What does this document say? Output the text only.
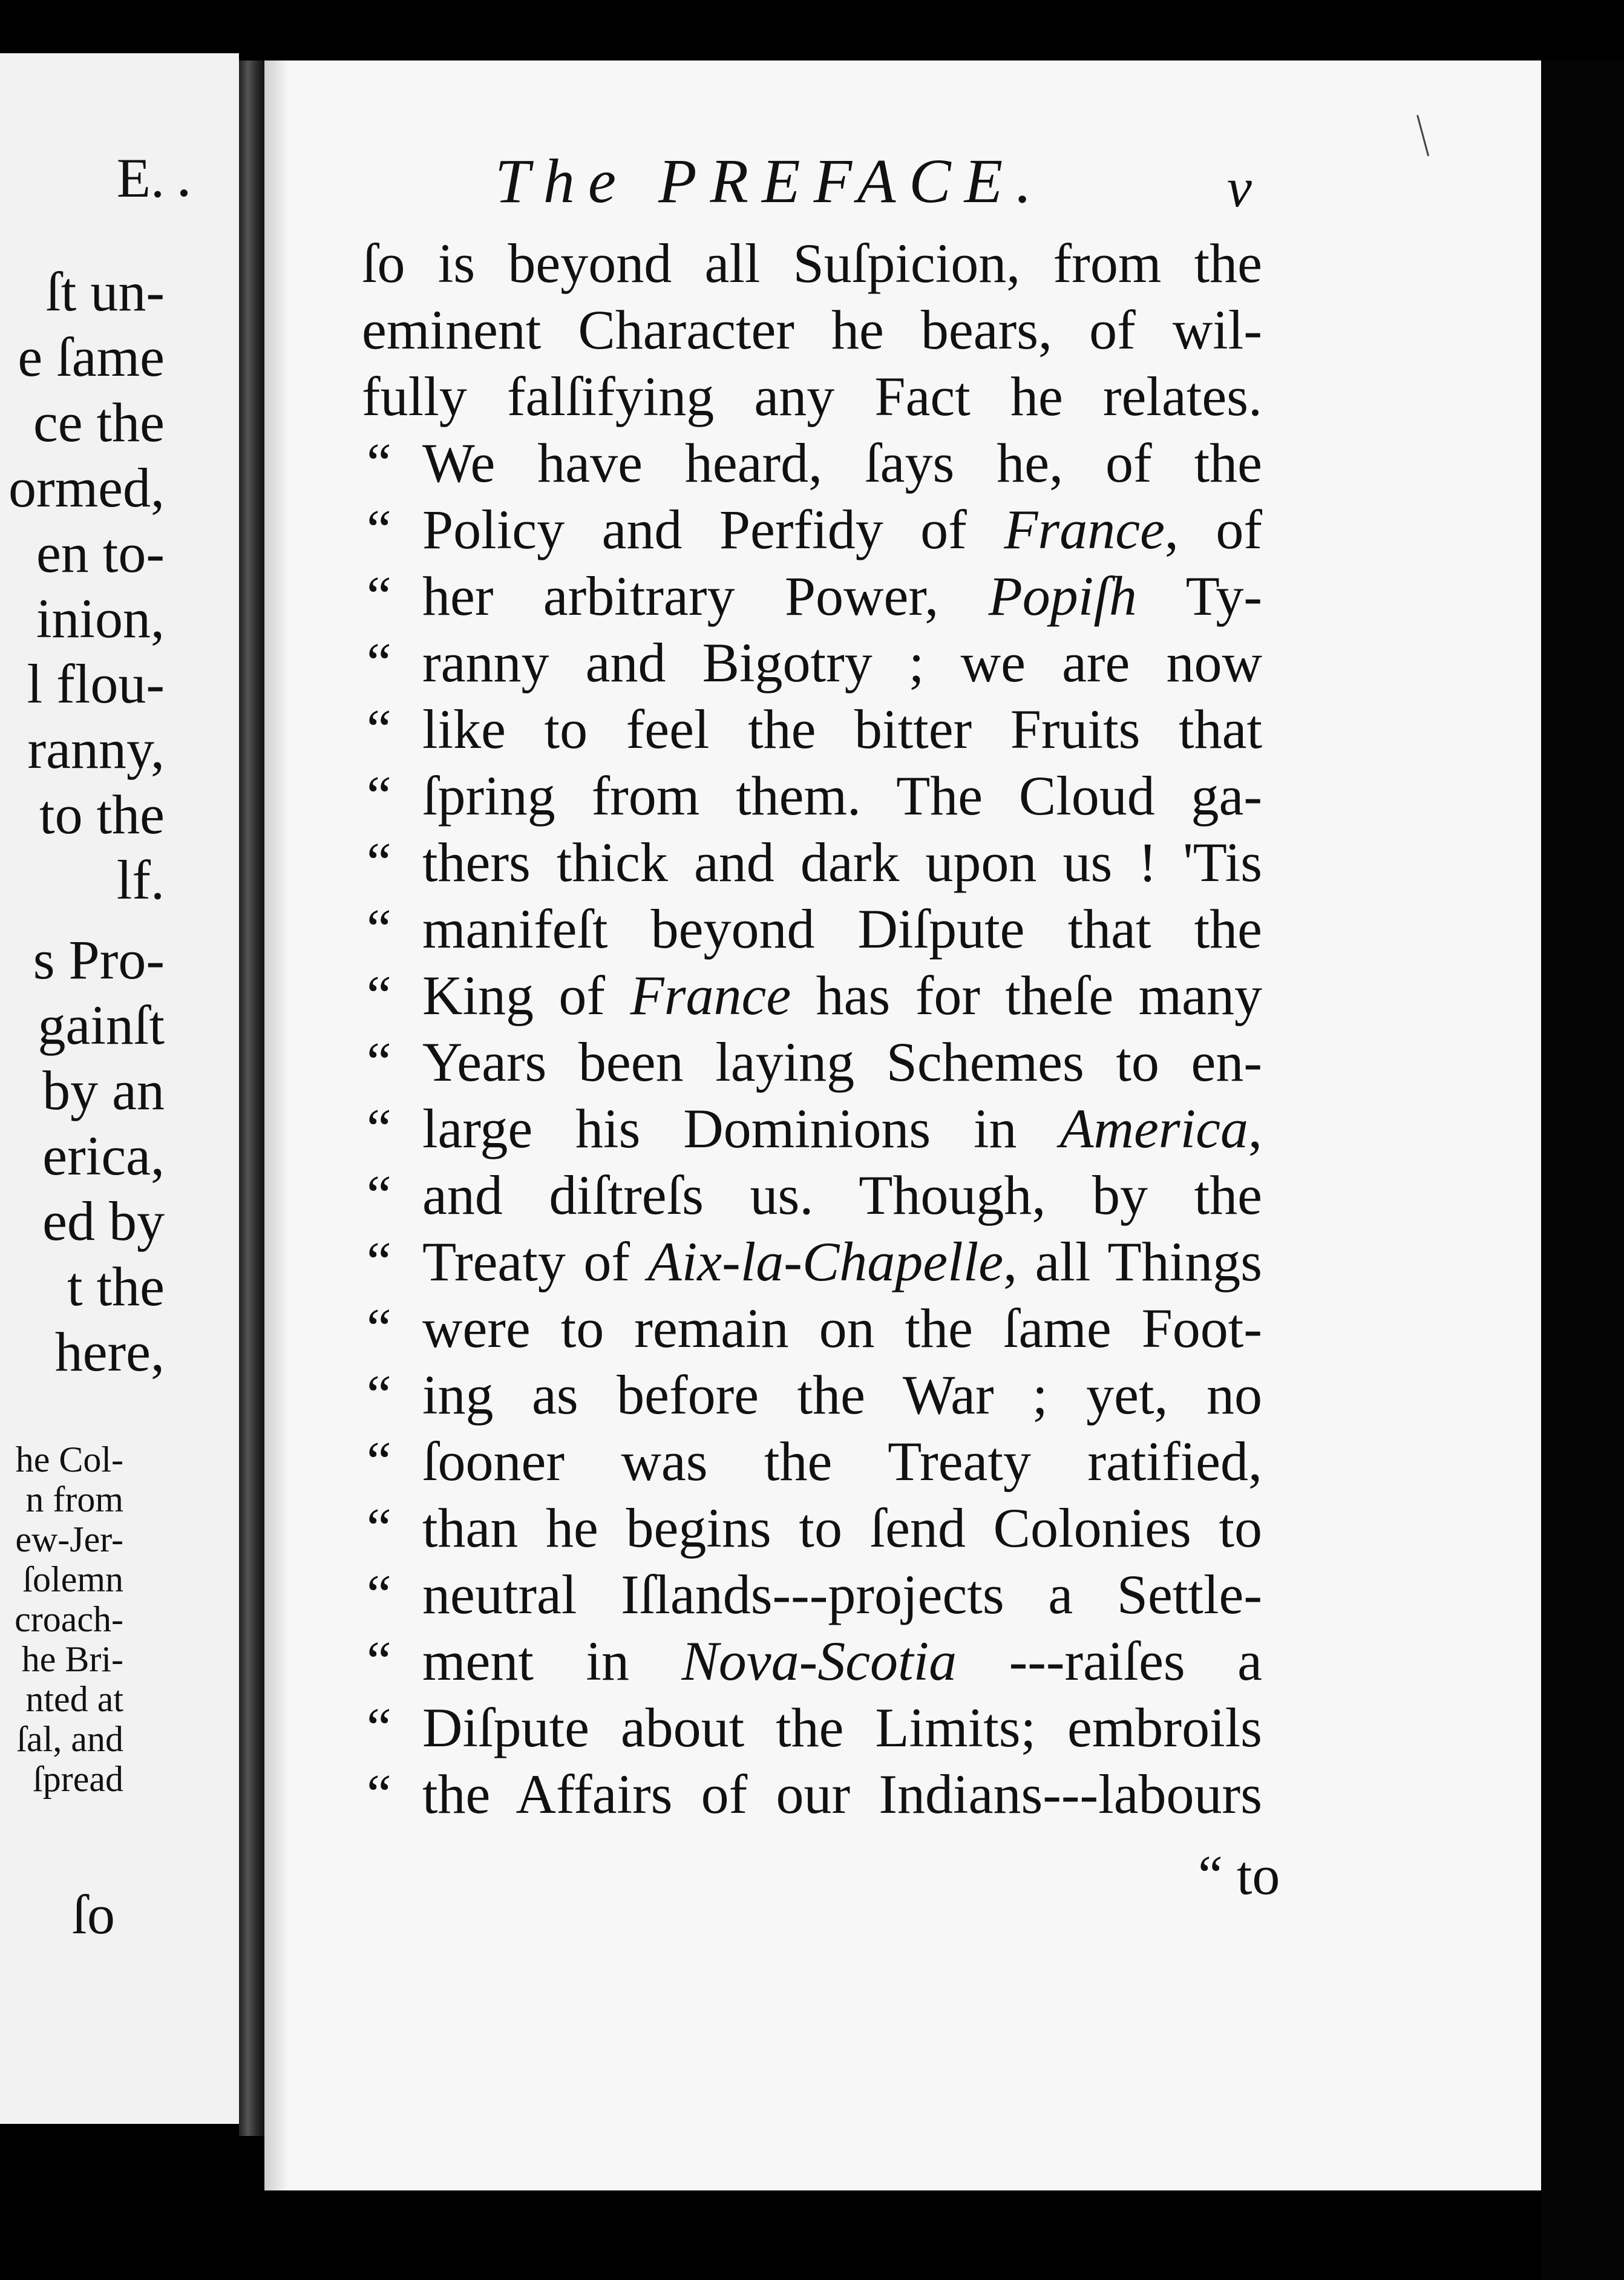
E.
ſt un-
e ſame
ce the
ormed,
en to-
inion,
l flou-
ranny,
to the
lf.
s Pro-
gainſt
by an
erica,
ed by
t the
here,
he Col-
n from
ew-Jer-
ſolemn
croach-
he Bri-
nted at
ſal, and
ſpread
ſo
The PREFACE.	v
ſo is beyond all Suſpicion, from the
eminent Character he bears, of wil-
fully falſifying any Fact he relates.
“ We have heard, ſays he, of the
“ Policy and Perfidy of France, of
“ her arbitrary Power, Popiſh Ty-
“ ranny and Bigotry ; we are now
“ like to feel the bitter Fruits that
“ ſpring from them. The Cloud ga-
“ thers thick and dark upon us ! 'Tis
“ manifeſt beyond Diſpute that the
“ King of France has for theſe many
“ Years been laying Schemes to en-
“ large his Dominions in America,
“ and diſtreſs us. Though, by the
“ Treaty of Aix-la-Chapelle, all Things
“ were to remain on the ſame Foot-
“ ing as before the War ; yet, no
“ ſooner was the Treaty ratified,
“ than he begins to ſend Colonies to
“ neutral Iſlands---projects a Settle-
“ ment in Nova-Scotia ---raiſes a
“ Diſpute about the Limits; embroils
“ the Affairs of our Indians---labours
“ to
